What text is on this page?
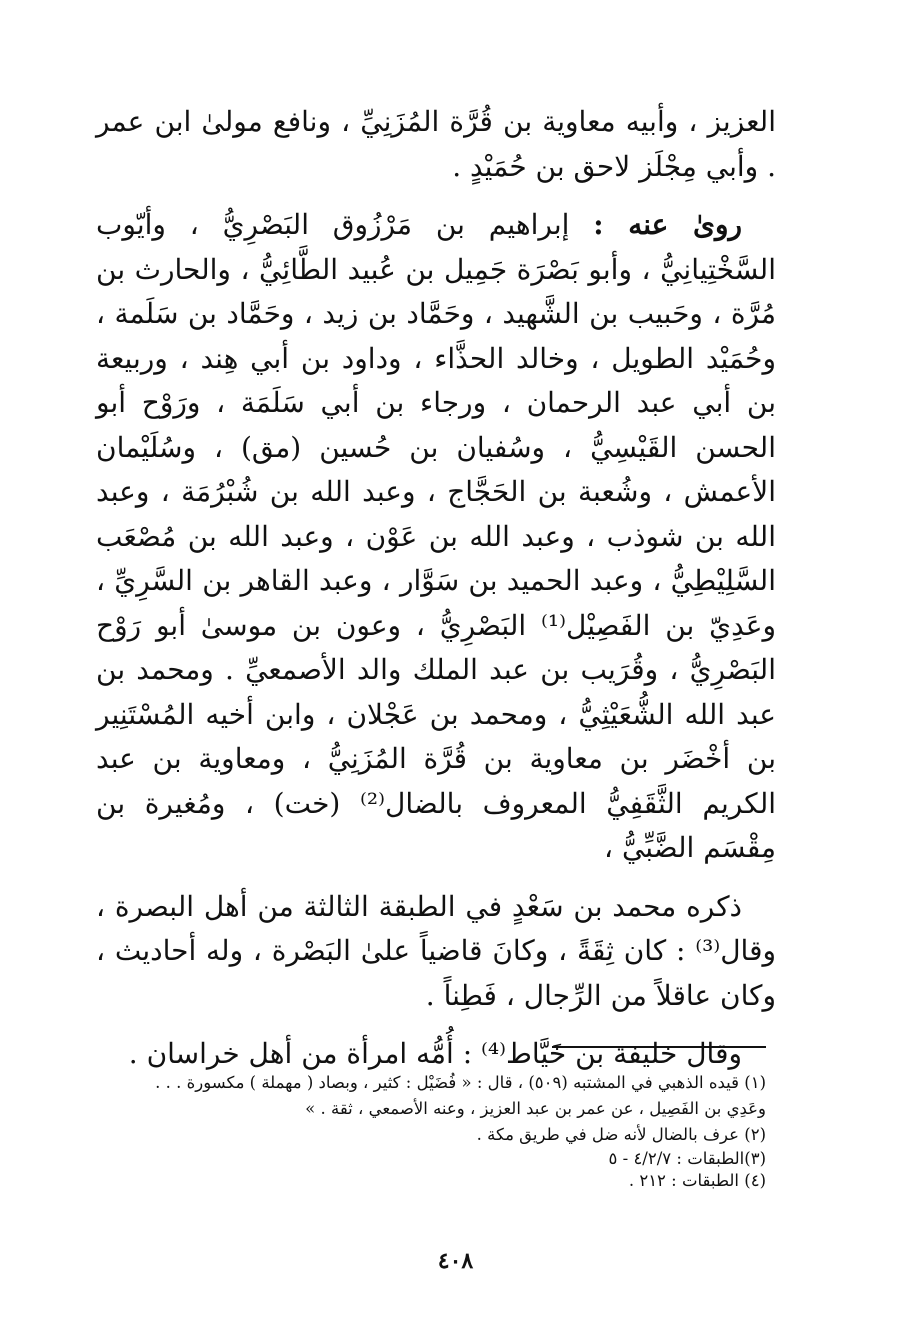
العزيز ، وأبيه معاوية بن قُرَّة المُزَنِيِّ ، ونافع مولىٰ ابن عمر . وأبي مِجْلَز لاحق بن حُمَيْدٍ .

روىٰ عنه : إبراهيم بن مَرْزُوق البَصْرِيُّ ، وأيّوب السَّخْتِيانِيُّ ، وأبو بَصْرَة جَمِيل بن عُبيد الطَّائِيُّ ، والحارث بن مُرَّة ، وحَبيب بن الشَّهيد ، وحَمَّاد بن زيد ، وحَمَّاد بن سَلَمة ، وحُمَيْد الطويل ، وخالد الحذَّاء ، وداود بن أبي هِند ، وربيعة بن أبي عبد الرحمان ، ورجاء بن أبي سَلَمَة ، ورَوْح أبو الحسن القَيْسِيُّ ، وسُفيان بن حُسين (مق) ، وسُلَيْمان الأعمش ، وشُعبة بن الحَجَّاج ، وعبد الله بن شُبْرُمَة ، وعبد الله بن شوذب ، وعبد الله بن عَوْن ، وعبد الله بن مُصْعَب السَّلِيْطِيُّ ، وعبد الحميد بن سَوَّار ، وعبد القاهر بن السَّرِيِّ ، وعَدِيّ بن الفَصِيْل⁽¹⁾ البَصْرِيُّ ، وعون بن موسىٰ أبو رَوْح البَصْرِيُّ ، وقُرَيب بن عبد الملك والد الأصمعيِّ . ومحمد بن عبد الله الشُّعَيْثِيُّ ، ومحمد بن عَجْلان ، وابن أخيه المُسْتَنِير بن أخْضَر بن معاوية بن قُرَّة المُزَنِيُّ ، ومعاوية بن عبد الكريم الثَّقَفِيُّ المعروف بالضال⁽²⁾ (خت) ، ومُغيرة بن مِقْسَم الضَّبِّيُّ ،

ذكره محمد بن سَعْدٍ في الطبقة الثالثة من أهل البصرة ، وقال⁽³⁾ : كان ثِقَةً ، وكانَ قاضياً علىٰ البَصْرة ، وله أحاديث ، وكان عاقلاً من الرِّجال ، فَطِناً .

وقال خليفة بن خَيَّاط⁽⁴⁾ : أُمُّه امرأة من أهل خراسان .

(١) قيده الذهبي في المشتبه (٥٠٩) ، قال : « فُضَيْل : كثير ، وبصاد ( مهملة ) مكسورة . . .

وعَدِي بن الفَصِيل ، عن عمر بن عبد العزيز ، وعنه الأصمعي ، ثقة . »

(٢) عرف بالضال لأنه ضل في طريق مكة .

(٣)الطبقات : ٤/٢/٧ - ٥

(٤) الطبقات : ٢١٢ .

٤٠٨
